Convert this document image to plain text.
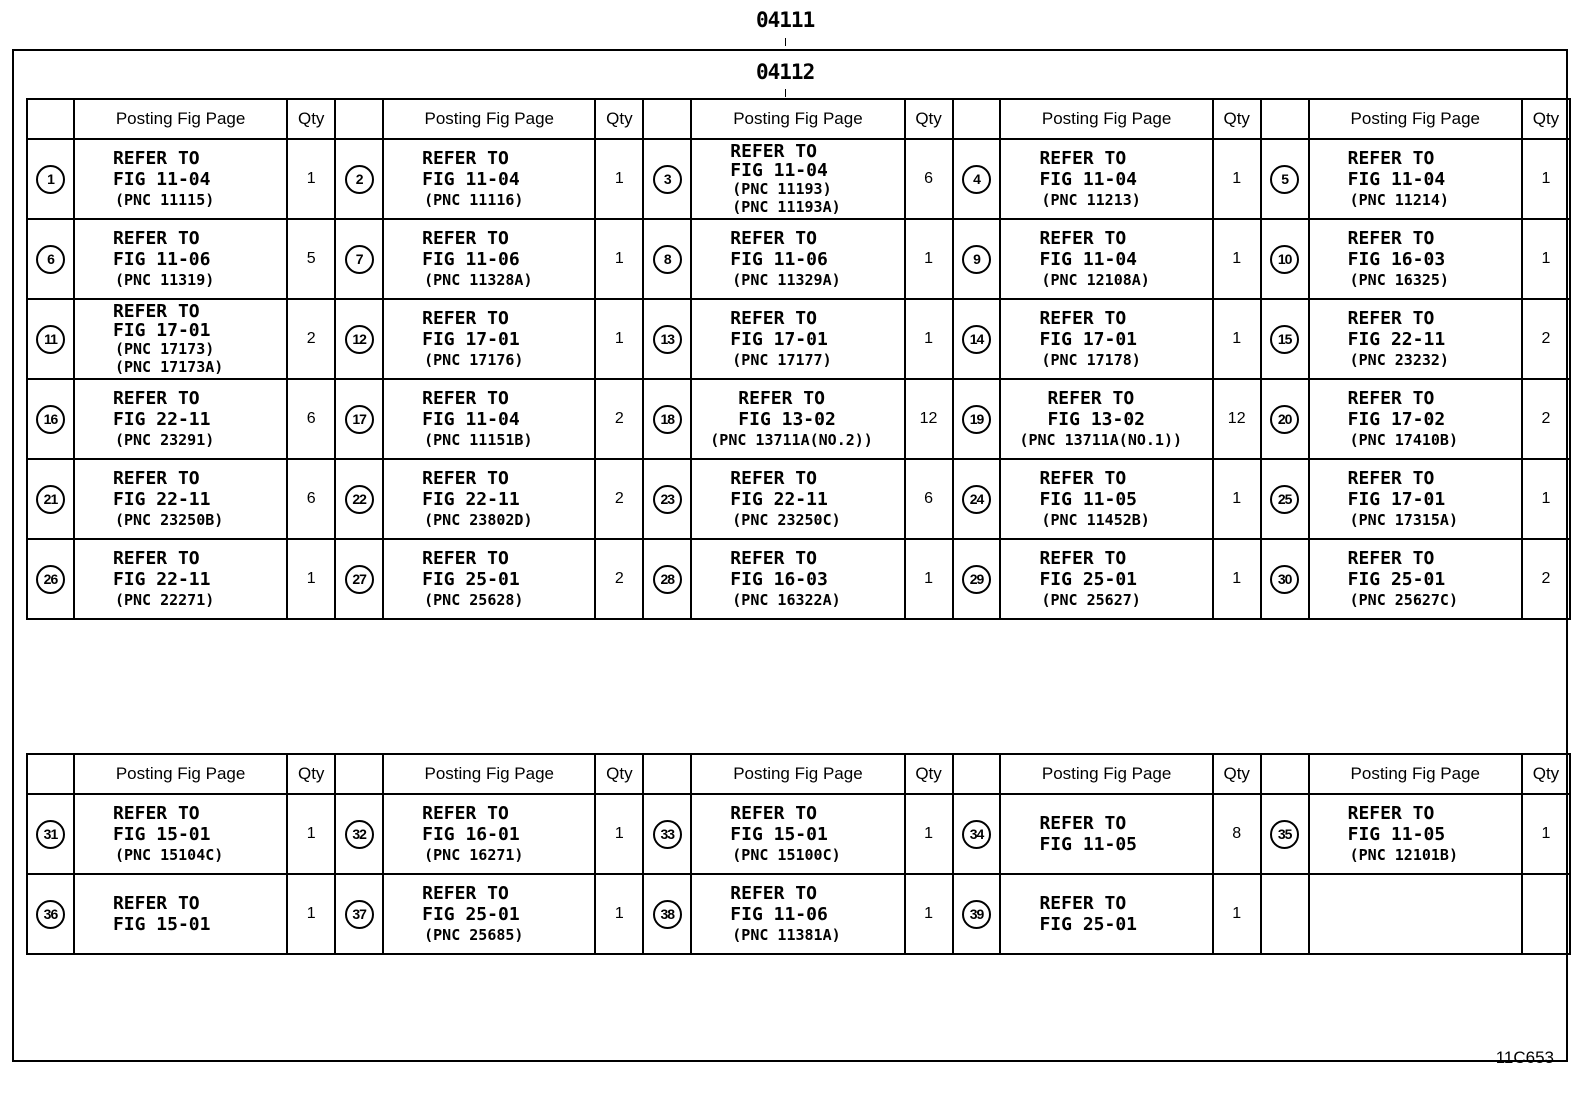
04111
04112
	Posting Fig Page	Qty		Posting Fig Page	Qty		Posting Fig Page	Qty		Posting Fig Page	Qty		Posting Fig Page	Qty
1	REFER TO
FIG 11-04
(PNC 11115)	1	2	REFER TO
FIG 11-04
(PNC 11116)	1	3	REFER TO
FIG 11-04
(PNC 11193)
(PNC 11193A)	6	4	REFER TO
FIG 11-04
(PNC 11213)	1	5	REFER TO
FIG 11-04
(PNC 11214)	1
6	REFER TO
FIG 11-06
(PNC 11319)	5	7	REFER TO
FIG 11-06
(PNC 11328A)	1	8	REFER TO
FIG 11-06
(PNC 11329A)	1	9	REFER TO
FIG 11-04
(PNC 12108A)	1	10	REFER TO
FIG 16-03
(PNC 16325)	1
11	REFER TO
FIG 17-01
(PNC 17173)
(PNC 17173A)	2	12	REFER TO
FIG 17-01
(PNC 17176)	1	13	REFER TO
FIG 17-01
(PNC 17177)	1	14	REFER TO
FIG 17-01
(PNC 17178)	1	15	REFER TO
FIG 22-11
(PNC 23232)	2
16	REFER TO
FIG 22-11
(PNC 23291)	6	17	REFER TO
FIG 11-04
(PNC 11151B)	2	18	REFER TO
FIG 13-02
(PNC 13711A(NO.2))	12	19	REFER TO
FIG 13-02
(PNC 13711A(NO.1))	12	20	REFER TO
FIG 17-02
(PNC 17410B)	2
21	REFER TO
FIG 22-11
(PNC 23250B)	6	22	REFER TO
FIG 22-11
(PNC 23802D)	2	23	REFER TO
FIG 22-11
(PNC 23250C)	6	24	REFER TO
FIG 11-05
(PNC 11452B)	1	25	REFER TO
FIG 17-01
(PNC 17315A)	1
26	REFER TO
FIG 22-11
(PNC 22271)	1	27	REFER TO
FIG 25-01
(PNC 25628)	2	28	REFER TO
FIG 16-03
(PNC 16322A)	1	29	REFER TO
FIG 25-01
(PNC 25627)	1	30	REFER TO
FIG 25-01
(PNC 25627C)	2
	Posting Fig Page	Qty		Posting Fig Page	Qty		Posting Fig Page	Qty		Posting Fig Page	Qty		Posting Fig Page	Qty
31	REFER TO
FIG 15-01
(PNC 15104C)	1	32	REFER TO
FIG 16-01
(PNC 16271)	1	33	REFER TO
FIG 15-01
(PNC 15100C)	1	34	REFER TO
FIG 11-05	8	35	REFER TO
FIG 11-05
(PNC 12101B)	1
36	REFER TO
FIG 15-01	1	37	REFER TO
FIG 25-01
(PNC 25685)	1	38	REFER TO
FIG 11-06
(PNC 11381A)	1	39	REFER TO
FIG 25-01	1			
11C653
